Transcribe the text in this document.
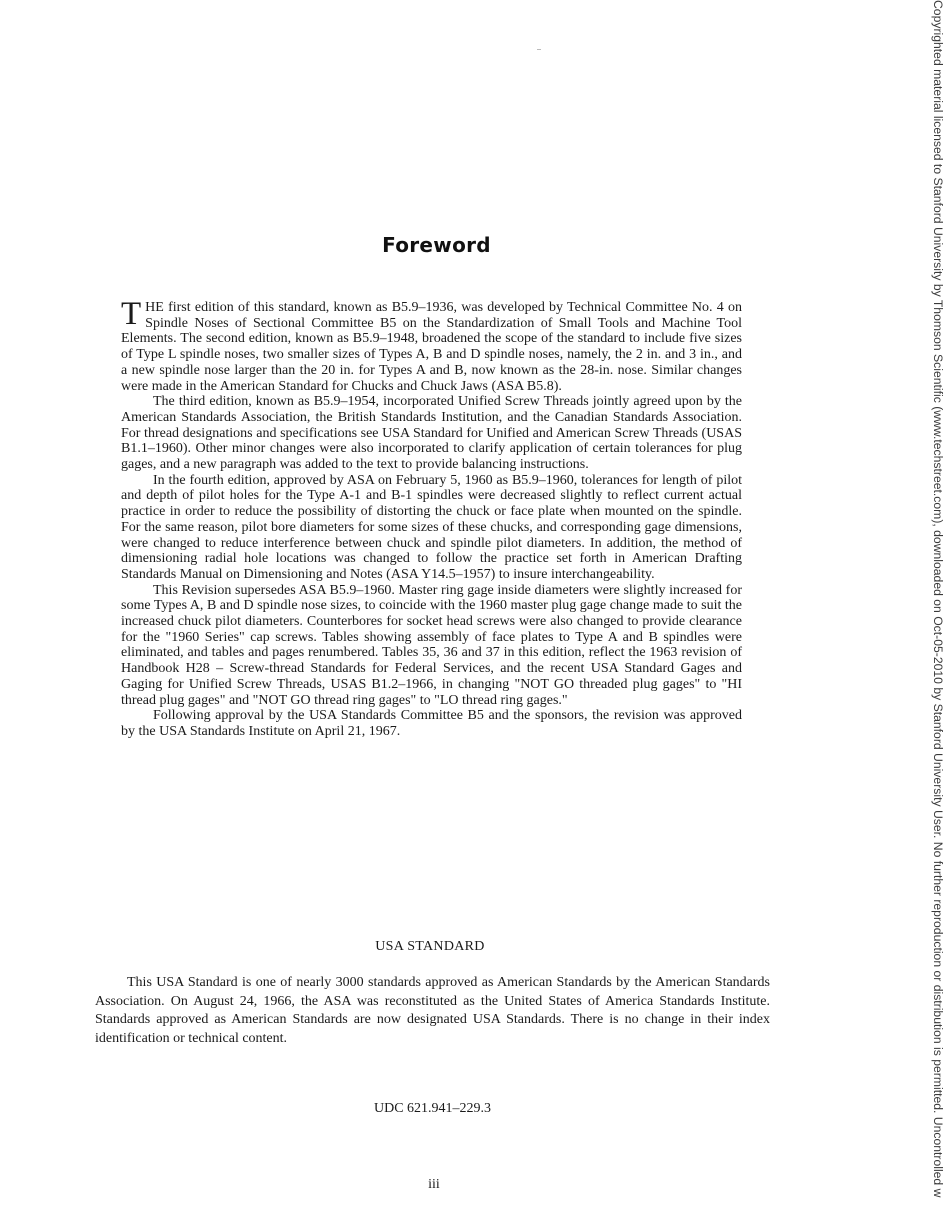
Foreword

THE first edition of this standard, known as B5.9–1936, was developed by Technical Committee No. 4 on Spindle Noses of Sectional Committee B5 on the Standardization of Small Tools and Machine Tool Elements. The second edition, known as B5.9–1948, broadened the scope of the standard to include five sizes of Type L spindle noses, two smaller sizes of Types A, B and D spindle noses, namely, the 2 in. and 3 in., and a new spindle nose larger than the 20 in. for Types A and B, now known as the 28-in. nose. Similar changes were made in the American Standard for Chucks and Chuck Jaws (ASA B5.8).

The third edition, known as B5.9–1954, incorporated Unified Screw Threads jointly agreed upon by the American Standards Association, the British Standards Institution, and the Canadian Standards Association. For thread designations and specifications see USA Standard for Unified and American Screw Threads (USAS B1.1–1960). Other minor changes were also incorporated to clarify application of certain tolerances for plug gages, and a new paragraph was added to the text to provide balancing instructions.

In the fourth edition, approved by ASA on February 5, 1960 as B5.9–1960, tolerances for length of pilot and depth of pilot holes for the Type A-1 and B-1 spindles were decreased slightly to reflect current actual practice in order to reduce the possibility of distorting the chuck or face plate when mounted on the spindle. For the same reason, pilot bore diameters for some sizes of these chucks, and corresponding gage dimensions, were changed to reduce interference between chuck and spindle pilot diameters. In addition, the method of dimensioning radial hole locations was changed to follow the practice set forth in American Drafting Standards Manual on Dimensioning and Notes (ASA Y14.5–1957) to insure interchangeability.

This Revision supersedes ASA B5.9–1960. Master ring gage inside diameters were slightly increased for some Types A, B and D spindle nose sizes, to coincide with the 1960 master plug gage change made to suit the increased chuck pilot diameters. Counterbores for socket head screws were also changed to provide clearance for the "1960 Series" cap screws. Tables showing assembly of face plates to Type A and B spindles were eliminated, and tables and pages renumbered. Tables 35, 36 and 37 in this edition, reflect the 1963 revision of Handbook H28 – Screw-thread Standards for Federal Services, and the recent USA Standard Gages and Gaging for Unified Screw Threads, USAS B1.2–1966, in changing "NOT GO threaded plug gages" to "HI thread plug gages" and "NOT GO thread ring gages" to "LO thread ring gages."

Following approval by the USA Standards Committee B5 and the sponsors, the revision was approved by the USA Standards Institute on April 21, 1967.

USA STANDARD

This USA Standard is one of nearly 3000 standards approved as American Standards by the American Standards Association. On August 24, 1966, the ASA was reconstituted as the United States of America Standards Institute. Standards approved as American Standards are now designated USA Standards. There is no change in their index identification or technical content.

UDC 621.941–229.3
iii	Copyrighted material licensed to Stanford University by Thomson Scientific (www.techstreet.com), downloaded on Oct-05-2010 by Stanford University User. No further reproduction or distribution is permitted. Uncontrolled w
